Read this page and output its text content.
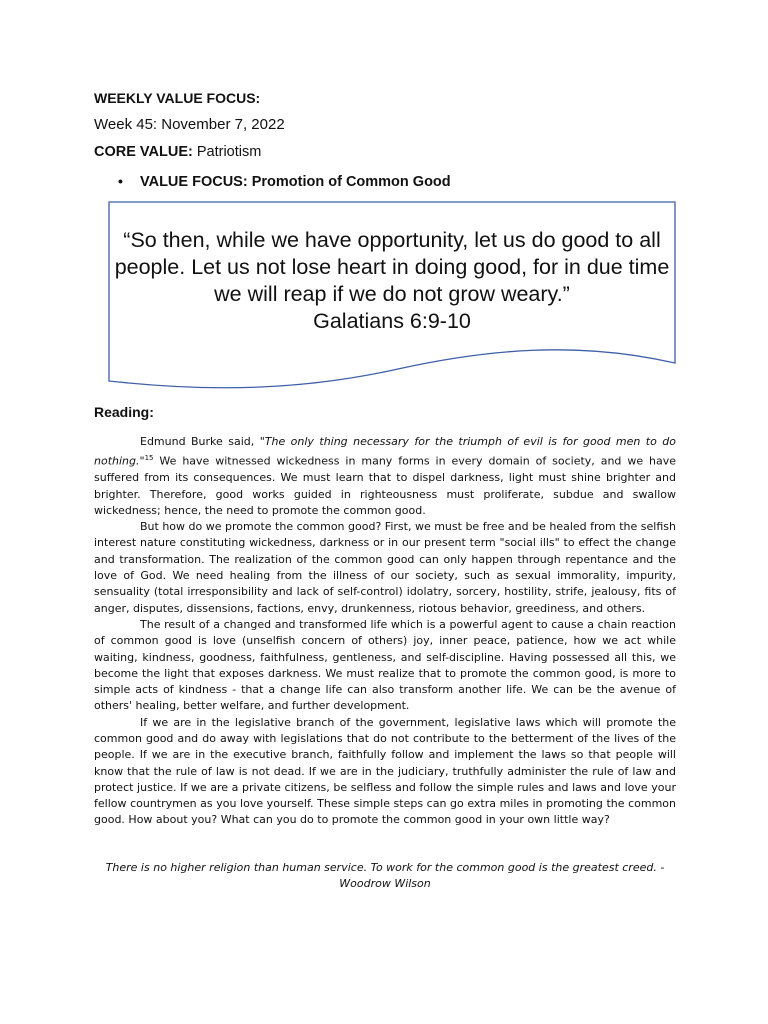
WEEKLY VALUE FOCUS:
Week 45: November 7, 2022
CORE VALUE: Patriotism
• VALUE FOCUS: Promotion of Common Good
“So then, while we have opportunity, let us do good to all people. Let us not lose heart in doing good, for in due time we will reap if we do not grow weary.”
Galatians 6:9-10
Reading:

Edmund Burke said, "The only thing necessary for the triumph of evil is for good men to do nothing."$^{15}$ We have witnessed wickedness in many forms in every domain of society, and we have suffered from its consequences. We must learn that to dispel darkness, light must shine brighter and brighter. Therefore, good works guided in righteousness must proliferate, subdue and swallow wickedness; hence, the need to promote the common good.

But how do we promote the common good? First, we must be free and be healed from the selfish interest nature constituting wickedness, darkness or in our present term "social ills" to effect the change and transformation. The realization of the common good can only happen through repentance and the love of God. We need healing from the illness of our society, such as sexual immorality, impurity, sensuality (total irresponsibility and lack of self-control) idolatry, sorcery, hostility, strife, jealousy, fits of anger, disputes, dissensions, factions, envy, drunkenness, riotous behavior, greediness, and others.

The result of a changed and transformed life which is a powerful agent to cause a chain reaction of common good is love (unselfish concern of others) joy, inner peace, patience, how we act while waiting, kindness, goodness, faithfulness, gentleness, and self-discipline. Having possessed all this, we become the light that exposes darkness. We must realize that to promote the common good, is more to simple acts of kindness - that a change life can also transform another life. We can be the avenue of others' healing, better welfare, and further development.

If we are in the legislative branch of the government, legislative laws which will promote the common good and do away with legislations that do not contribute to the betterment of the lives of the people. If we are in the executive branch, faithfully follow and implement the laws so that people will know that the rule of law is not dead. If we are in the judiciary, truthfully administer the rule of law and protect justice. If we are a private citizens, be selfless and follow the simple rules and laws and love your fellow countrymen as you love yourself. These simple steps can go extra miles in promoting the common good. How about you? What can you do to promote the common good in your own little way?

There is no higher religion than human service. To work for the common good is the greatest creed. -
Woodrow Wilson
